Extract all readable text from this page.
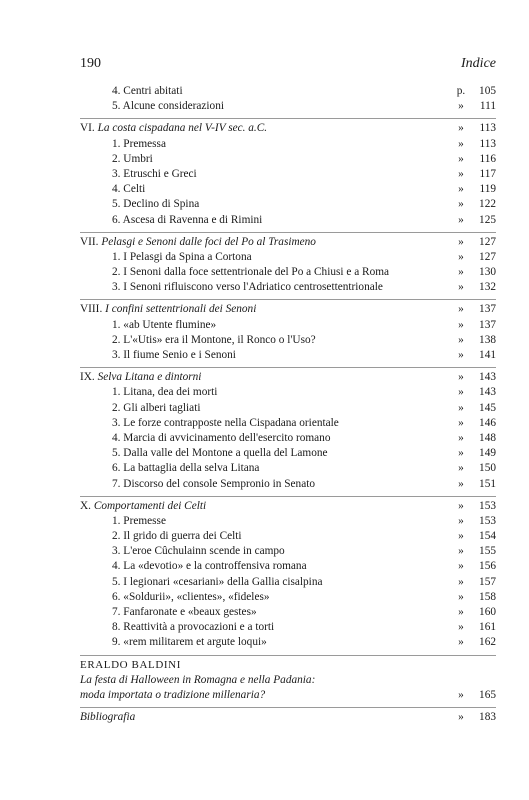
190	Indice
4. Centri abitati	p.	105
5. Alcune considerazioni	»	111
VI. La costa cispadana nel V-IV sec. a.C.	»	113
1. Premessa	»	113
2. Umbri	»	116
3. Etruschi e Greci	»	117
4. Celti	»	119
5. Declino di Spina	»	122
6. Ascesa di Ravenna e di Rimini	»	125
VII. Pelasgi e Senoni dalle foci del Po al Trasimeno	»	127
1. I Pelasgi da Spina a Cortona	»	127
2. I Senoni dalla foce settentrionale del Po a Chiusi e a Roma	»	130
3. I Senoni rifluiscono verso l'Adriatico centrosettentrionale	»	132
VIII. I confini settentrionali dei Senoni	»	137
1. «ab Utente flumine»	»	137
2. L'«Utis» era il Montone, il Ronco o l'Uso?	»	138
3. Il fiume Senio e i Senoni	»	141
IX. Selva Litana e dintorni	»	143
1. Litana, dea dei morti	»	143
2. Gli alberi tagliati	»	145
3. Le forze contrapposte nella Cispadana orientale	»	146
4. Marcia di avvicinamento dell'esercito romano	»	148
5. Dalla valle del Montone a quella del Lamone	»	149
6. La battaglia della selva Litana	»	150
7. Discorso del console Sempronio in Senato	»	151
X. Comportamenti dei Celti	»	153
1. Premesse	»	153
2. Il grido di guerra dei Celti	»	154
3. L'eroe Cûchulainn scende in campo	»	155
4. La «devotio» e la controffensiva romana	»	156
5. I legionari «cesariani» della Gallia cisalpina	»	157
6. «Soldurii», «clientes», «fideles»	»	158
7. Fanfaronate e «beaux gestes»	»	160
8. Reattività a provocazioni e a torti	»	161
9. «rem militarem et argute loqui»	»	162
ERALDO BALDINI
La festa di Halloween in Romagna e nella Padania:
moda importata o tradizione millenaria?	»	165
Bibliografia	»	183
